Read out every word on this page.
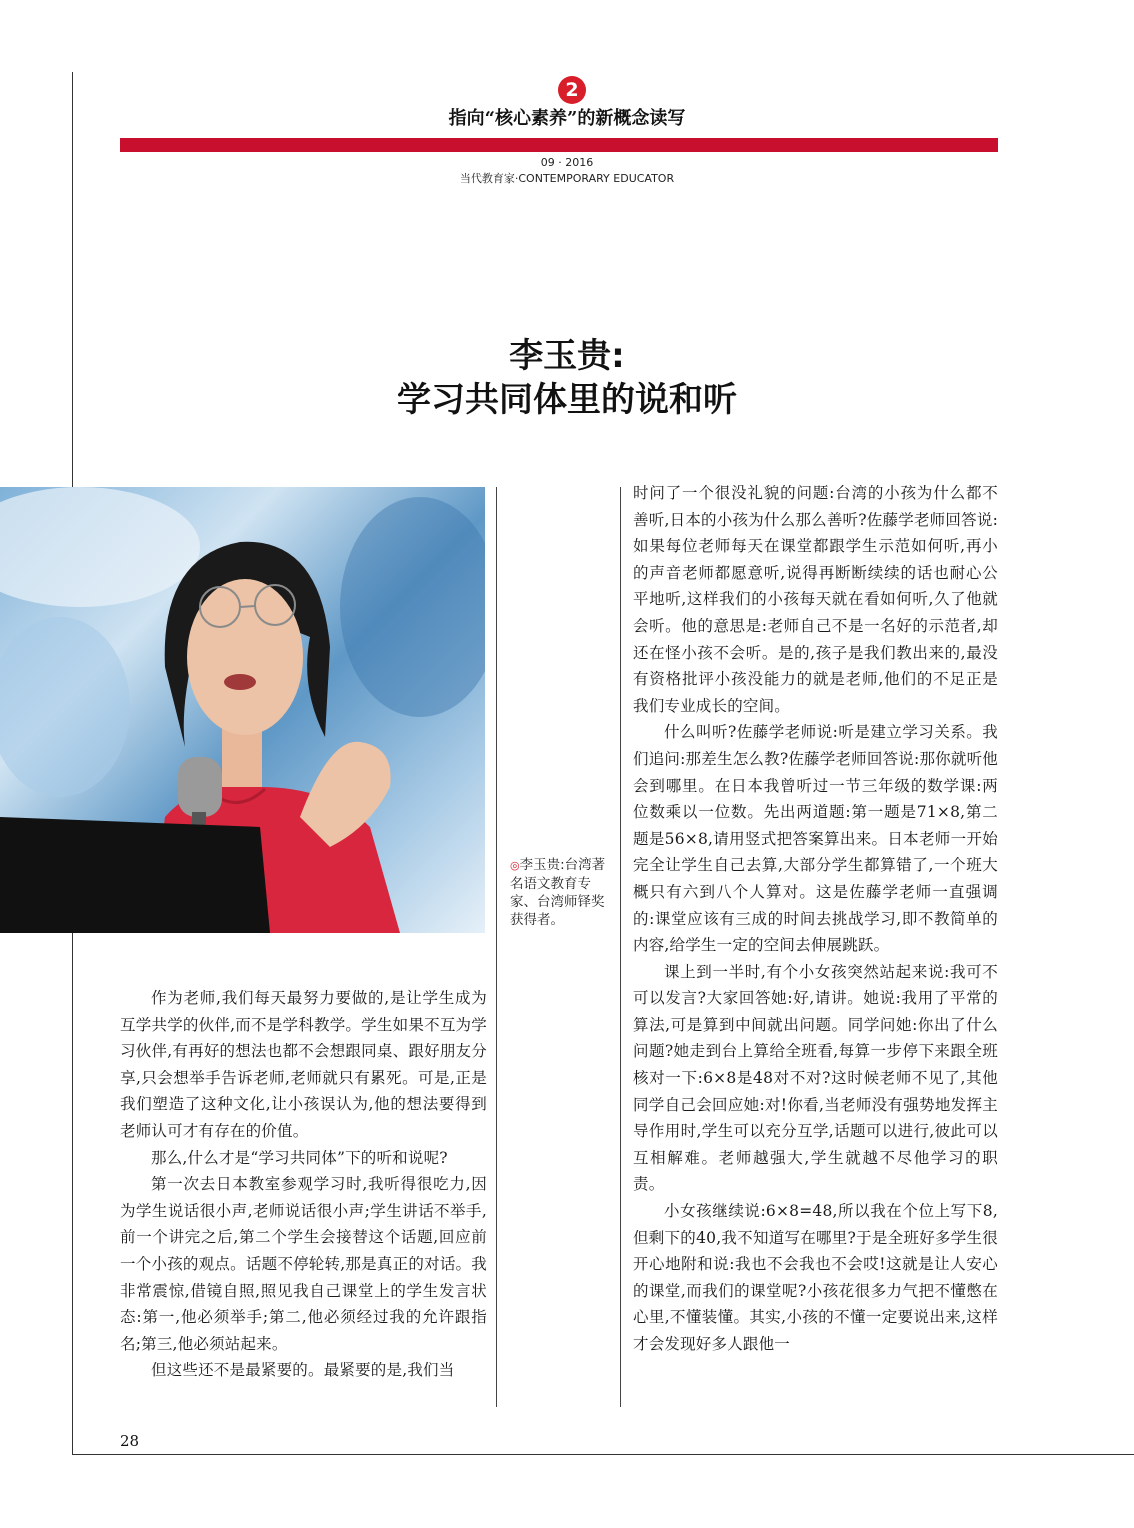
2
指向“核心素养”的新概念读写
09 · 2016
当代教育家·CONTEMPORARY EDUCATOR
李玉贵:
学习共同体里的说和听
◎李玉贵:台湾著名语文教育专家、台湾师铎奖获得者。

作为老师,我们每天最努力要做的,是让学生成为互学共学的伙伴,而不是学科教学。学生如果不互为学习伙伴,有再好的想法也都不会想跟同桌、跟好朋友分享,只会想举手告诉老师,老师就只有累死。可是,正是我们塑造了这种文化,让小孩误认为,他的想法要得到老师认可才有存在的价值。

那么,什么才是“学习共同体”下的听和说呢?

第一次去日本教室参观学习时,我听得很吃力,因为学生说话很小声,老师说话很小声;学生讲话不举手,前一个讲完之后,第二个学生会接替这个话题,回应前一个小孩的观点。话题不停轮转,那是真正的对话。我非常震惊,借镜自照,照见我自己课堂上的学生发言状态:第一,他必须举手;第二,他必须经过我的允许跟指名;第三,他必须站起来。

但这些还不是最紧要的。最紧要的是,我们当

时问了一个很没礼貌的问题:台湾的小孩为什么都不善听,日本的小孩为什么那么善听?佐藤学老师回答说:如果每位老师每天在课堂都跟学生示范如何听,再小的声音老师都愿意听,说得再断断续续的话也耐心公平地听,这样我们的小孩每天就在看如何听,久了他就会听。他的意思是:老师自己不是一名好的示范者,却还在怪小孩不会听。是的,孩子是我们教出来的,最没有资格批评小孩没能力的就是老师,他们的不足正是我们专业成长的空间。

什么叫听?佐藤学老师说:听是建立学习关系。我们追问:那差生怎么教?佐藤学老师回答说:那你就听他会到哪里。在日本我曾听过一节三年级的数学课:两位数乘以一位数。先出两道题:第一题是71×8,第二题是56×8,请用竖式把答案算出来。日本老师一开始完全让学生自己去算,大部分学生都算错了,一个班大概只有六到八个人算对。这是佐藤学老师一直强调的:课堂应该有三成的时间去挑战学习,即不教简单的内容,给学生一定的空间去伸展跳跃。

课上到一半时,有个小女孩突然站起来说:我可不可以发言?大家回答她:好,请讲。她说:我用了平常的算法,可是算到中间就出问题。同学问她:你出了什么问题?她走到台上算给全班看,每算一步停下来跟全班核对一下:6×8是48对不对?这时候老师不见了,其他同学自己会回应她:对!你看,当老师没有强势地发挥主导作用时,学生可以充分互学,话题可以进行,彼此可以互相解难。老师越强大,学生就越不尽他学习的职责。

小女孩继续说:6×8=48,所以我在个位上写下8,但剩下的40,我不知道写在哪里?于是全班好多学生很开心地附和说:我也不会我也不会哎!这就是让人安心的课堂,而我们的课堂呢?小孩花很多力气把不懂憋在心里,不懂装懂。其实,小孩的不懂一定要说出来,这样才会发现好多人跟他一

28
